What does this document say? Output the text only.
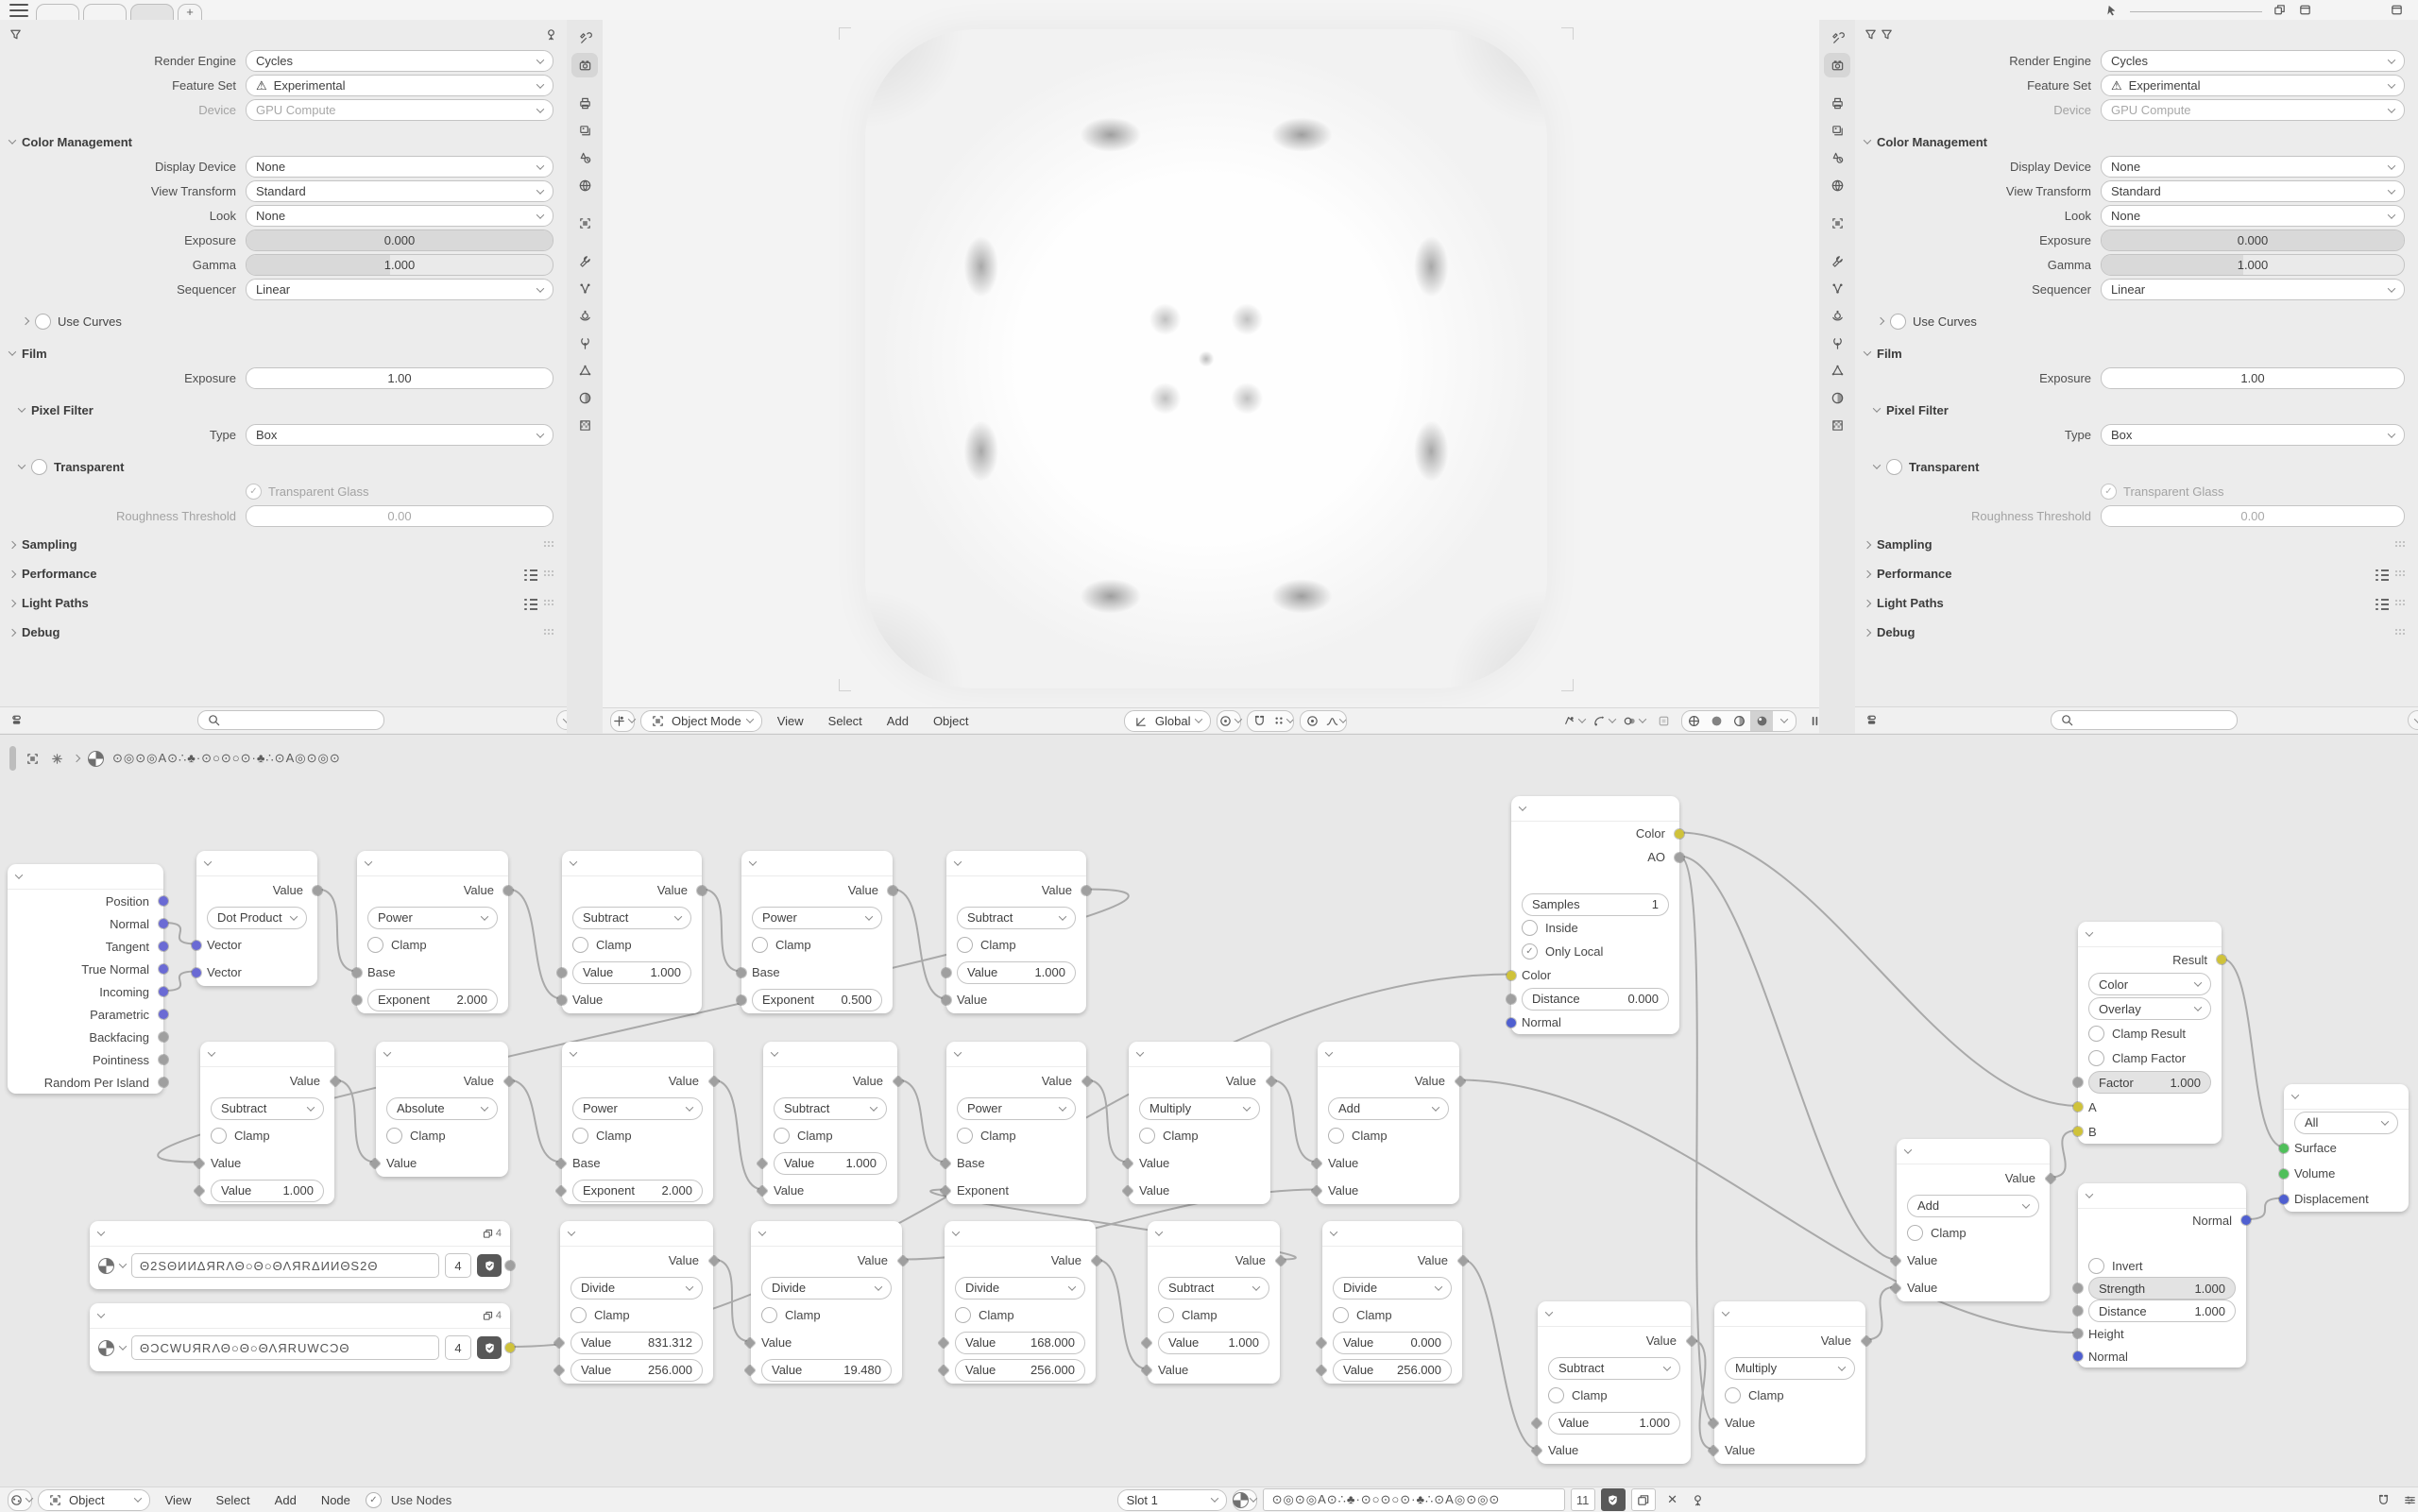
+
Render Engine	Cycles
Feature Set	⚠ Experimental
Device	GPU Compute
Color Management
Display Device	None
View Transform	Standard
Look	None
Exposure	0.000
Gamma	1.000
Sequencer	Linear
Use Curves
Film
Exposure	1.00
Pixel Filter
Type	Box
Transparent
✓ Transparent Glass
Roughness Threshold	0.00
Sampling
Performance
Light Paths
Debug
Object Mode	View	Select	Add	Object	Global
Render Engine	Cycles
Feature Set	⚠ Experimental
Device	GPU Compute
Color Management
Display Device	None
View Transform	Standard
Look	None
Exposure	0.000
Gamma	1.000
Sequencer	Linear
Use Curves
Film
Exposure	1.00
Pixel Filter
Type	Box
Transparent
✓ Transparent Glass
Roughness Threshold	0.00
Sampling
Performance
Light Paths
Debug
Position
Normal
Tangent
True Normal
Incoming
Parametric
Backfacing
Pointiness
Random Per Island
Value
Dot Product
Vector
Vector
Value
Power
Clamp
Base
Exponent 2.000
Value
Subtract
Clamp
Value	1.000
Value
Value
Power
Clamp
Base
Exponent 0.500
Value
Subtract
Clamp
Value	1.000
Value
Value
Subtract
Clamp
Value
Value	1.000
Value
Absolute
Clamp
Value
Value
Power
Clamp
Base
Exponent 2.000
Value
Subtract
Clamp
Value	1.000
Value
Value
Power
Clamp
Base
Exponent
Value
Multiply
Clamp
Value
Value
Value
Add
Clamp
Value
Value
4
Θ2SΘИИΔЯRΛΘ○Θ○ΘΛЯRΔИИΘS2Θ	4
4
ΘƆCWUЯRΛΘ○Θ○ΘΛЯRUWCƆΘ	4
Value
Divide
Clamp
Value	831.312
Value	256.000
Value
Divide
Clamp
Value
Value	19.480
Value
Divide
Clamp
Value	168.000
Value	256.000
Value
Subtract
Clamp
Value 1.000
Value
Value
Divide
Clamp
Value	0.000
Value 256.000
Color
AO
Samples	1
Inside
✓ Only Local
Color
Distance	0.000
Normal
Value
Subtract
Clamp
Value	1.000
Value
Value
Multiply
Clamp
Value
Value
Value
Add
Clamp
Value
Value
Result
Color
Overlay
Clamp Result
Clamp Factor
Factor	1.000
A
B
Normal
Invert
Strength	1.000
Distance	1.000
Height
Normal
All
Surface
Volume
Displacement
⊙◎⊙◎A⊙∴♣·⊙○⊙○⊙·♣∴⊙A◎⊙◎⊙
Object	View	Select	Add	Node	✓	Use Nodes	Slot 1	⊙◎⊙◎A⊙∴♣·⊙○⊙○⊙·♣∴⊙A◎⊙◎⊙	11	✕
